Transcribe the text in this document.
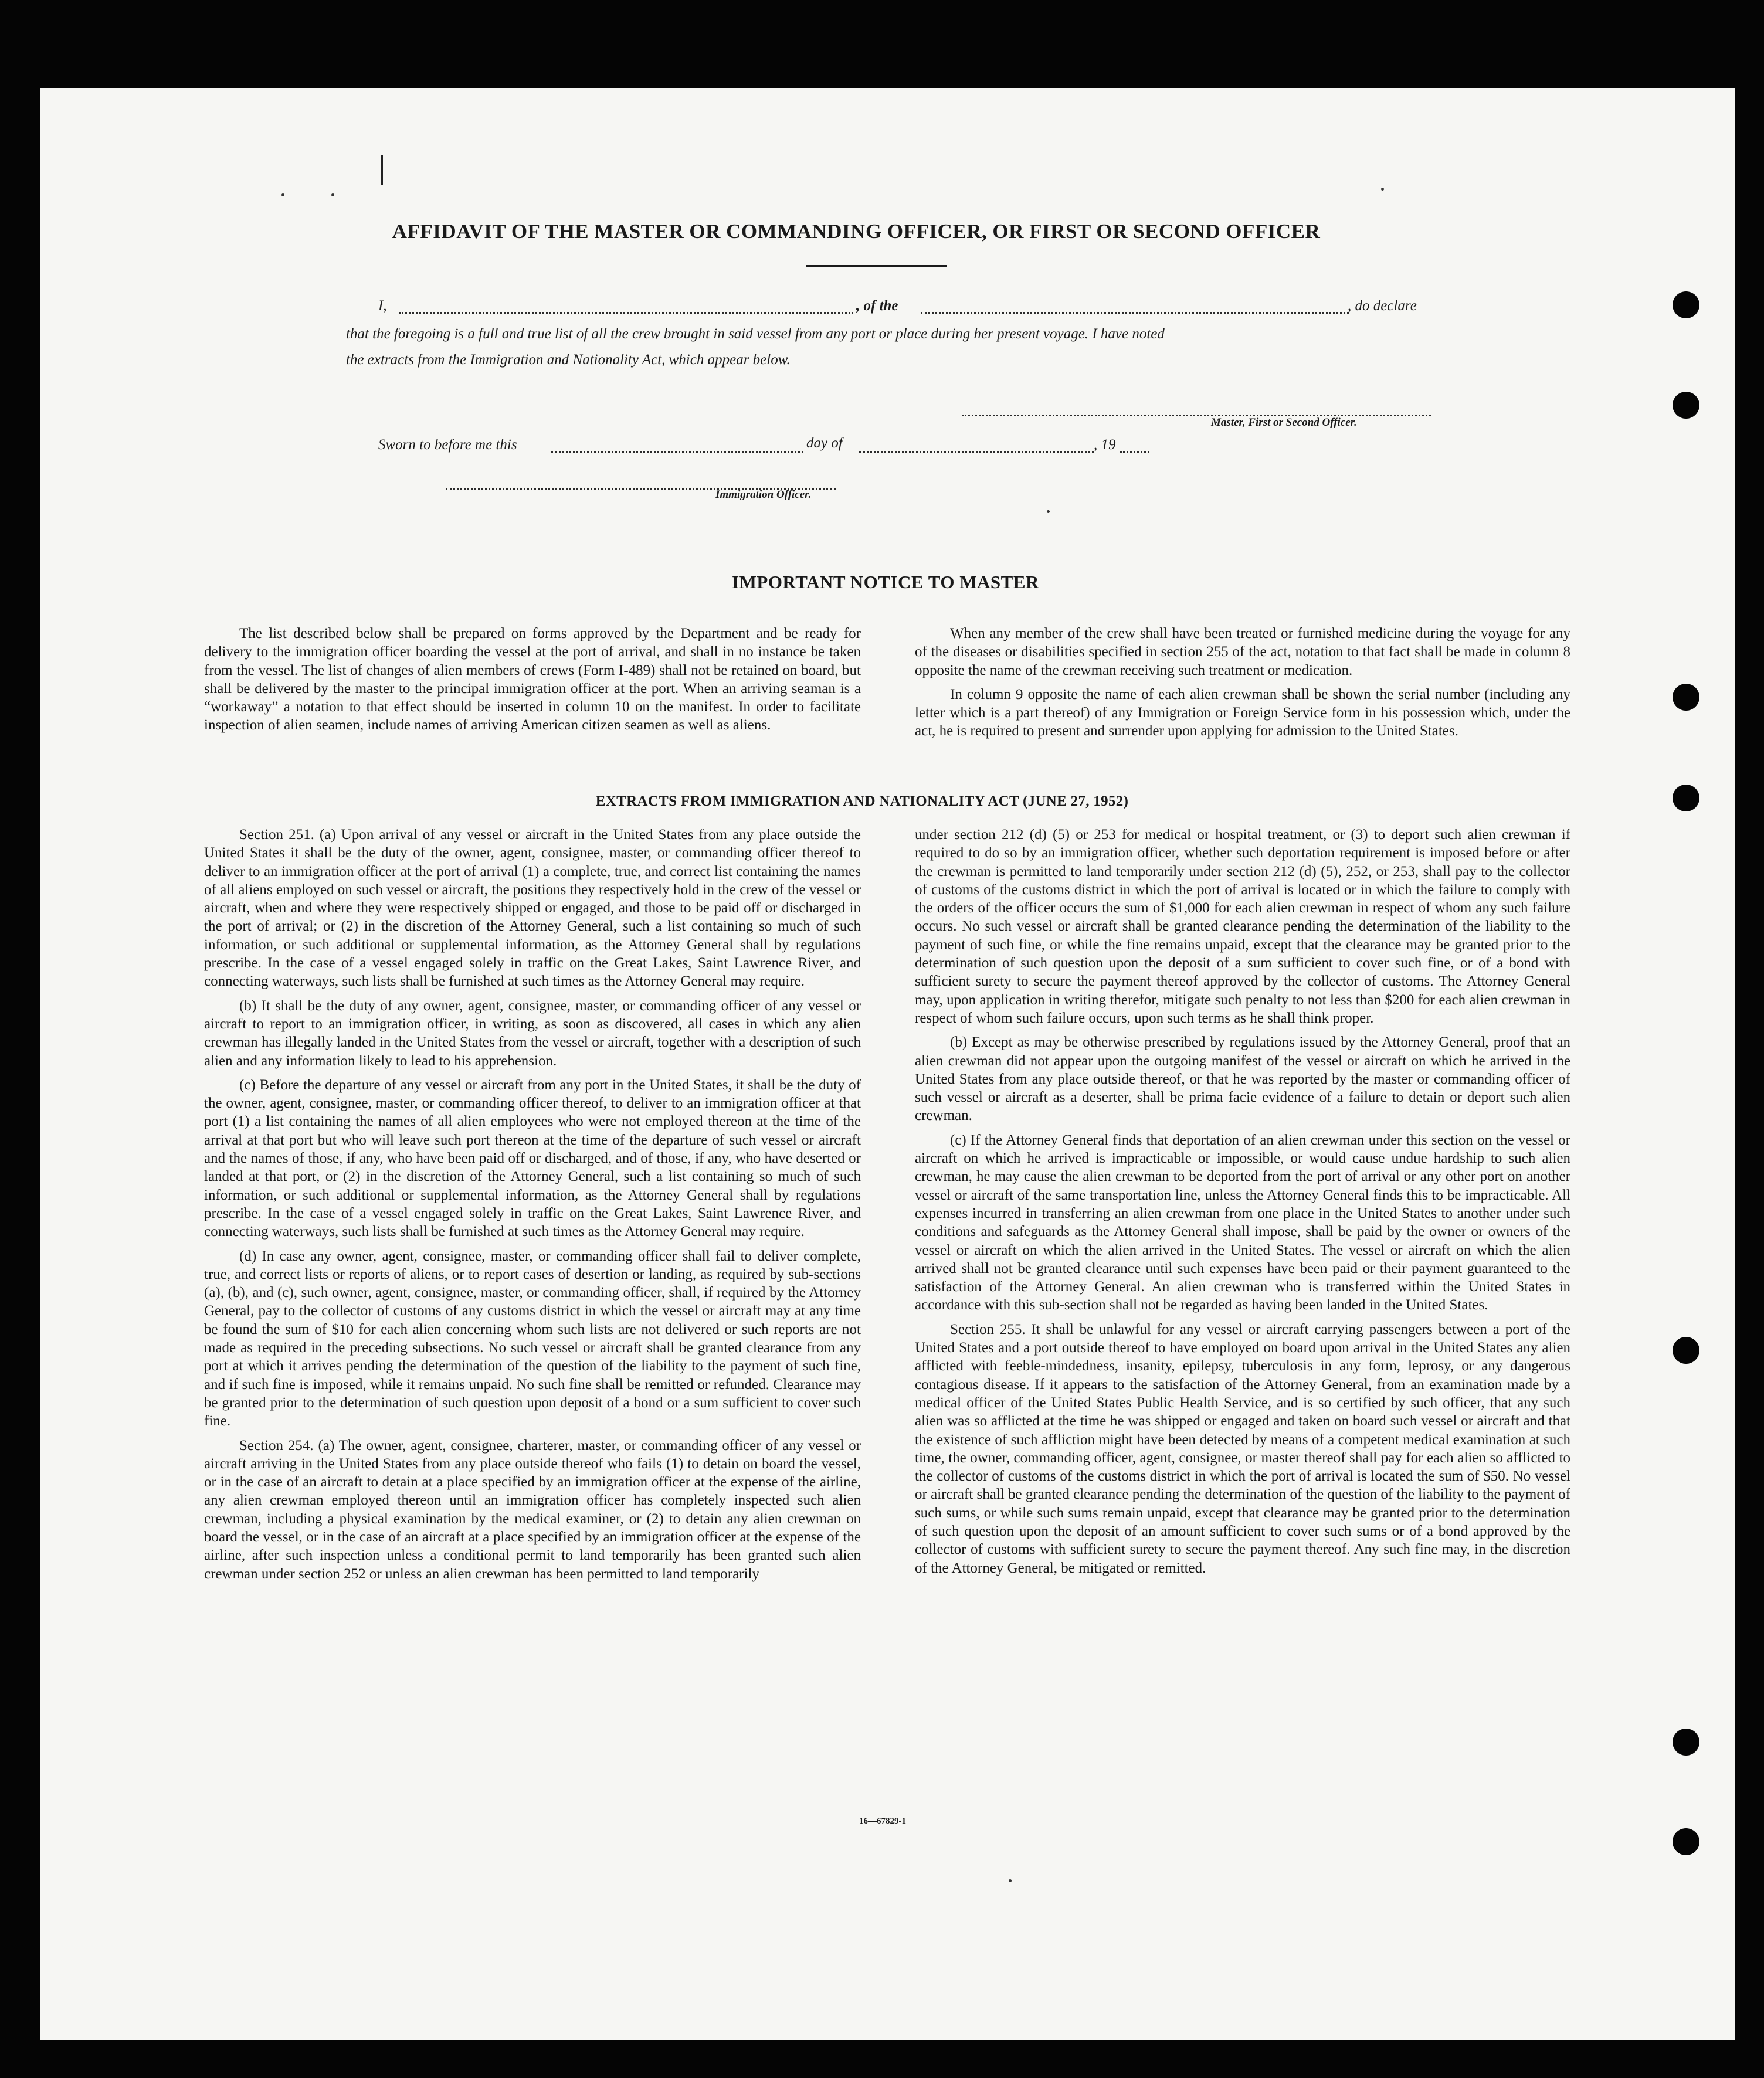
AFFIDAVIT OF THE MASTER OR COMMANDING OFFICER, OR FIRST OR SECOND OFFICER
I,	, of the	, do declare
that the foregoing is a full and true list of all the crew brought in said vessel from any port or place during her present voyage. I have noted
the extracts from the Immigration and Nationality Act, which appear below.
Master, First or Second Officer.
Sworn to before me this	day of	, 19
Immigration Officer.
IMPORTANT NOTICE TO MASTER

The list described below shall be prepared on forms approved by the Department and be ready for delivery to the immigration officer boarding the vessel at the port of arrival, and shall in no instance be taken from the vessel. The list of changes of alien members of crews (Form I-489) shall not be retained on board, but shall be delivered by the master to the principal immigration officer at the port. When an arriving seaman is a “workaway” a notation to that effect should be inserted in column 10 on the manifest. In order to facilitate inspection of alien seamen, include names of arriving American citizen seamen as well as aliens.

When any member of the crew shall have been treated or furnished medicine during the voyage for any of the diseases or disabilities specified in section 255 of the act, notation to that fact shall be made in column 8 opposite the name of the crewman receiving such treatment or medication.

In column 9 opposite the name of each alien crewman shall be shown the serial number (including any letter which is a part thereof) of any Immigration or Foreign Service form in his possession which, under the act, he is required to present and surrender upon applying for admission to the United States.

EXTRACTS FROM IMMIGRATION AND NATIONALITY ACT (JUNE 27, 1952)

Section 251. (a) Upon arrival of any vessel or aircraft in the United States from any place outside the United States it shall be the duty of the owner, agent, consignee, master, or commanding officer thereof to deliver to an immigration officer at the port of arrival (1) a complete, true, and correct list containing the names of all aliens employed on such vessel or aircraft, the positions they respectively hold in the crew of the vessel or aircraft, when and where they were respectively shipped or engaged, and those to be paid off or discharged in the port of arrival; or (2) in the discretion of the Attorney General, such a list containing so much of such information, or such additional or supplemental information, as the Attorney General shall by regulations prescribe. In the case of a vessel engaged solely in traffic on the Great Lakes, Saint Lawrence River, and connecting waterways, such lists shall be furnished at such times as the Attorney General may require.

(b) It shall be the duty of any owner, agent, consignee, master, or commanding officer of any vessel or aircraft to report to an immigration officer, in writing, as soon as discovered, all cases in which any alien crewman has illegally landed in the United States from the vessel or aircraft, together with a description of such alien and any information likely to lead to his apprehension.

(c) Before the departure of any vessel or aircraft from any port in the United States, it shall be the duty of the owner, agent, consignee, master, or commanding officer thereof, to deliver to an immigration officer at that port (1) a list containing the names of all alien employees who were not employed thereon at the time of the arrival at that port but who will leave such port thereon at the time of the departure of such vessel or aircraft and the names of those, if any, who have been paid off or discharged, and of those, if any, who have deserted or landed at that port, or (2) in the discretion of the Attorney General, such a list containing so much of such information, or such additional or supplemental information, as the Attorney General shall by regulations prescribe. In the case of a vessel engaged solely in traffic on the Great Lakes, Saint Lawrence River, and connecting waterways, such lists shall be furnished at such times as the Attorney General may require.

(d) In case any owner, agent, consignee, master, or commanding officer shall fail to deliver complete, true, and correct lists or reports of aliens, or to report cases of desertion or landing, as required by sub-sections (a), (b), and (c), such owner, agent, consignee, master, or commanding officer, shall, if required by the Attorney General, pay to the collector of customs of any customs district in which the vessel or aircraft may at any time be found the sum of $10 for each alien concerning whom such lists are not delivered or such reports are not made as required in the preceding subsections. No such vessel or aircraft shall be granted clearance from any port at which it arrives pending the determination of the question of the liability to the payment of such fine, and if such fine is imposed, while it remains unpaid. No such fine shall be remitted or refunded. Clearance may be granted prior to the determination of such question upon deposit of a bond or a sum sufficient to cover such fine.

Section 254. (a) The owner, agent, consignee, charterer, master, or commanding officer of any vessel or aircraft arriving in the United States from any place outside thereof who fails (1) to detain on board the vessel, or in the case of an aircraft to detain at a place specified by an immigration officer at the expense of the airline, any alien crewman employed thereon until an immigration officer has completely inspected such alien crewman, including a physical examination by the medical examiner, or (2) to detain any alien crewman on board the vessel, or in the case of an aircraft at a place specified by an immigration officer at the expense of the airline, after such inspection unless a conditional permit to land temporarily has been granted such alien crewman under section 252 or unless an alien crewman has been permitted to land temporarily

under section 212 (d) (5) or 253 for medical or hospital treatment, or (3) to deport such alien crewman if required to do so by an immigration officer, whether such deportation requirement is imposed before or after the crewman is permitted to land temporarily under section 212 (d) (5), 252, or 253, shall pay to the collector of customs of the customs district in which the port of arrival is located or in which the failure to comply with the orders of the officer occurs the sum of $1,000 for each alien crewman in respect of whom any such failure occurs. No such vessel or aircraft shall be granted clearance pending the determination of the liability to the payment of such fine, or while the fine remains unpaid, except that the clearance may be granted prior to the determination of such question upon the deposit of a sum sufficient to cover such fine, or of a bond with sufficient surety to secure the payment thereof approved by the collector of customs. The Attorney General may, upon application in writing therefor, mitigate such penalty to not less than $200 for each alien crewman in respect of whom such failure occurs, upon such terms as he shall think proper.

(b) Except as may be otherwise prescribed by regulations issued by the Attorney General, proof that an alien crewman did not appear upon the outgoing manifest of the vessel or aircraft on which he arrived in the United States from any place outside thereof, or that he was reported by the master or commanding officer of such vessel or aircraft as a deserter, shall be prima facie evidence of a failure to detain or deport such alien crewman.

(c) If the Attorney General finds that deportation of an alien crewman under this section on the vessel or aircraft on which he arrived is impracticable or impossible, or would cause undue hardship to such alien crewman, he may cause the alien crewman to be deported from the port of arrival or any other port on another vessel or aircraft of the same transportation line, unless the Attorney General finds this to be impracticable. All expenses incurred in transferring an alien crewman from one place in the United States to another under such conditions and safeguards as the Attorney General shall impose, shall be paid by the owner or owners of the vessel or aircraft on which the alien arrived in the United States. The vessel or aircraft on which the alien arrived shall not be granted clearance until such expenses have been paid or their payment guaranteed to the satisfaction of the Attorney General. An alien crewman who is transferred within the United States in accordance with this sub-section shall not be regarded as having been landed in the United States.

Section 255. It shall be unlawful for any vessel or aircraft carrying passengers between a port of the United States and a port outside thereof to have employed on board upon arrival in the United States any alien afflicted with feeble-mindedness, insanity, epilepsy, tuberculosis in any form, leprosy, or any dangerous contagious disease. If it appears to the satisfaction of the Attorney General, from an examination made by a medical officer of the United States Public Health Service, and is so certified by such officer, that any such alien was so afflicted at the time he was shipped or engaged and taken on board such vessel or aircraft and that the existence of such affliction might have been detected by means of a competent medical examination at such time, the owner, commanding officer, agent, consignee, or master thereof shall pay for each alien so afflicted to the collector of customs of the customs district in which the port of arrival is located the sum of $50. No vessel or aircraft shall be granted clearance pending the determination of the question of the liability to the payment of such sums, or while such sums remain unpaid, except that clearance may be granted prior to the determination of such question upon the deposit of an amount sufficient to cover such sums or of a bond approved by the collector of customs with sufficient surety to secure the payment thereof. Any such fine may, in the discretion of the Attorney General, be mitigated or remitted.

16—67829-1
